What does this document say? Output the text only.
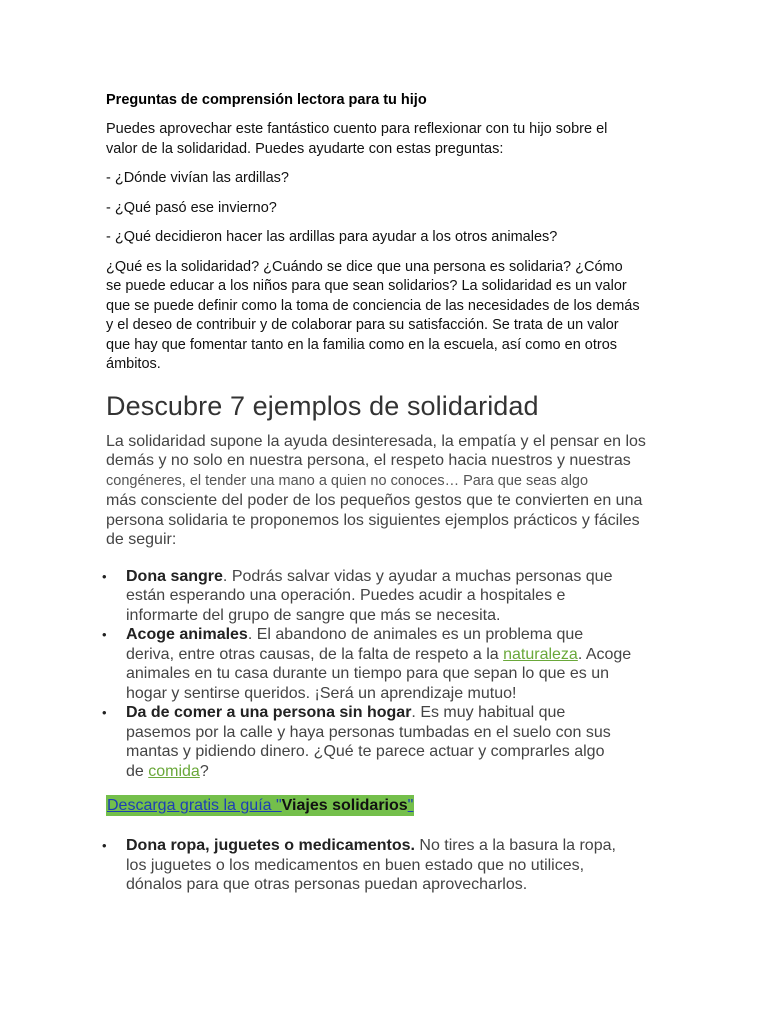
Preguntas de comprensión lectora para tu hijo

Puedes aprovechar este fantástico cuento para reflexionar con tu hijo sobre el
valor de la solidaridad. Puedes ayudarte con estas preguntas:

- ¿Dónde vivían las ardillas?

- ¿Qué pasó ese invierno?

- ¿Qué decidieron hacer las ardillas para ayudar a los otros animales?

¿Qué es la solidaridad? ¿Cuándo se dice que una persona es solidaria? ¿Cómo
se puede educar a los niños para que sean solidarios? La solidaridad es un valor
que se puede definir como la toma de conciencia de las necesidades de los demás
y el deseo de contribuir y de colaborar para su satisfacción. Se trata de un valor
que hay que fomentar tanto en la familia como en la escuela, así como en otros
ámbitos.

Descubre 7 ejemplos de solidaridad

La solidaridad supone la ayuda desinteresada, la empatía y el pensar en los
demás y no solo en nuestra persona, el respeto hacia nuestros y nuestras
congéneres, el tender una mano a quien no conoces… Para que seas algo
más consciente del poder de los pequeños gestos que te convierten en una
persona solidaria te proponemos los siguientes ejemplos prácticos y fáciles
de seguir:

• Dona sangre. Podrás salvar vidas y ayudar a muchas personas que
están esperando una operación. Puedes acudir a hospitales e
informarte del grupo de sangre que más se necesita.
• Acoge animales. El abandono de animales es un problema que
deriva, entre otras causas, de la falta de respeto a la naturaleza. Acoge
animales en tu casa durante un tiempo para que sepan lo que es un
hogar y sentirse queridos. ¡Será un aprendizaje mutuo!
• Da de comer a una persona sin hogar. Es muy habitual que
pasemos por la calle y haya personas tumbadas en el suelo con sus
mantas y pidiendo dinero. ¿Qué te parece actuar y comprarles algo
de comida?
Descarga gratis la guía "Viajes solidarios"
• Dona ropa, juguetes o medicamentos. No tires a la basura la ropa,
los juguetes o los medicamentos en buen estado que no utilices,
dónalos para que otras personas puedan aprovecharlos.
